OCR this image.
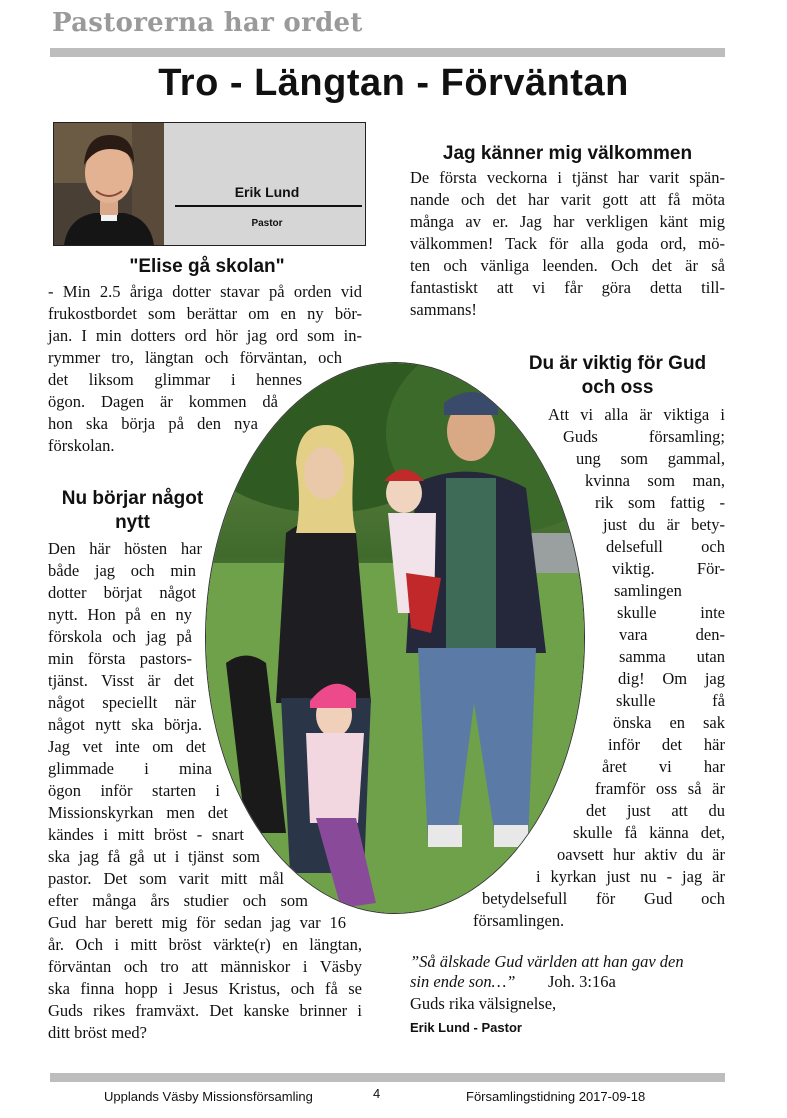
Pastorerna har ordet
Tro - Längtan - Förväntan
Erik Lund
Pastor
"Elise gå skolan"
- Min 2.5 åriga dotter stavar på orden vid
frukostbordet som berättar om en ny bör-
jan. I min dotters ord hör jag ord som in-
rymmer tro, längtan och förväntan, och
det liksom glimmar i hennes
ögon. Dagen är kommen då
hon ska börja på den nya
förskolan.
Nu börjar något
nytt
Den här hösten har
både jag och min
dotter börjat något
nytt. Hon på en ny
förskola och jag på
min första pastors-
tjänst. Visst är det
något speciellt när
något nytt ska börja.
Jag vet inte om det
glimmade i mina
ögon inför starten i
Missionskyrkan men det
kändes i mitt bröst - snart
ska jag få gå ut i tjänst som
pastor. Det som varit mitt mål
efter många års studier och som
Gud har berett mig för sedan jag var 16
år. Och i mitt bröst värkte(r) en längtan,
förväntan och tro att människor i Väsby
ska finna hopp i Jesus Kristus, och få se
Guds rikes framväxt. Det kanske brinner i
ditt bröst med?
Jag känner mig välkommen
De första veckorna i tjänst har varit spän-
nande och det har varit gott att få möta
många av er. Jag har verkligen känt mig
välkommen! Tack för alla goda ord, mö-
ten och vänliga leenden. Och det är så
fantastiskt att vi får göra detta till-
sammans!
Du är viktig för Gud
och oss
Att vi alla är viktiga i
Guds församling;
ung som gammal,
kvinna som man,
rik som fattig -
just du är bety-
delsefull och
viktig. För-
samlingen
skulle inte
vara den-
samma utan
dig! Om jag
skulle få
önska en sak
inför det här
året vi har
framför oss så är
det just att du
skulle få känna det,
oavsett hur aktiv du är
i kyrkan just nu - jag är
betydelsefull för Gud och
församlingen.
”Så älskade Gud världen att han gav den
sin ende son…” Joh. 3:16a
Guds rika välsignelse,
Erik Lund - Pastor
Upplands Väsby Missionsförsamling	4	Församlingstidning 2017-09-18
